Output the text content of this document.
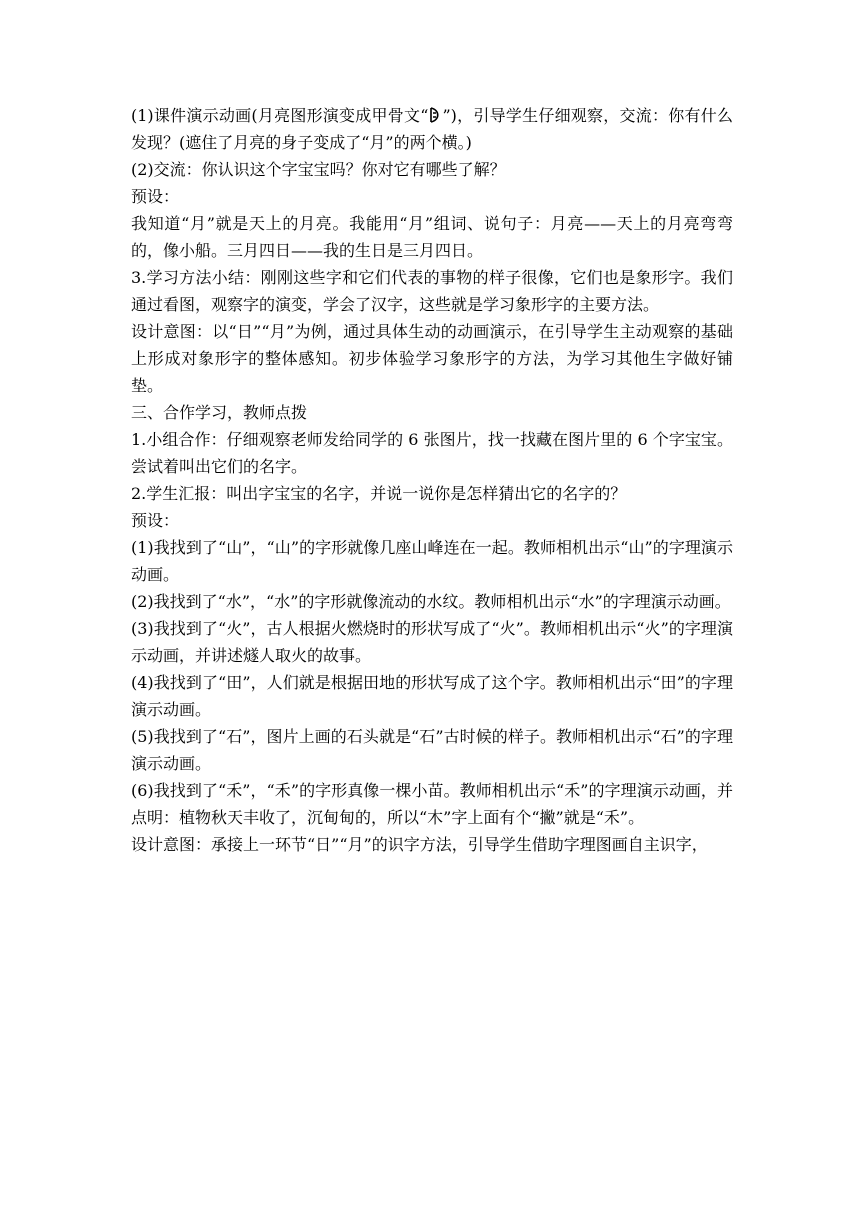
(1)课件演示动画(月亮图形演变成甲骨文“ ”)，引导学生仔细观察，交流：你有什么发现？(遮住了月亮的身子变成了“月”的两个横。)

(2)交流：你认识这个字宝宝吗？你对它有哪些了解？

预设：

我知道“月”就是天上的月亮。我能用“月”组词、说句子：月亮——天上的月亮弯弯的，像小船。三月四日——我的生日是三月四日。

3.学习方法小结：刚刚这些字和它们代表的事物的样子很像，它们也是象形字。我们通过看图，观察字的演变，学会了汉字，这些就是学习象形字的主要方法。

设计意图：以“日”“月”为例，通过具体生动的动画演示，在引导学生主动观察的基础上形成对象形字的整体感知。初步体验学习象形字的方法，为学习其他生字做好铺垫。

三、合作学习，教师点拨

1.小组合作：仔细观察老师发给同学的 6 张图片，找一找藏在图片里的 6 个字宝宝。尝试着叫出它们的名字。

2.学生汇报：叫出字宝宝的名字，并说一说你是怎样猜出它的名字的？

预设：

(1)我找到了“山”，“山”的字形就像几座山峰连在一起。教师相机出示“山”的字理演示动画。

(2)我找到了“水”，“水”的字形就像流动的水纹。教师相机出示“水”的字理演示动画。

(3)我找到了“火”，古人根据火燃烧时的形状写成了“火”。教师相机出示“火”的字理演示动画，并讲述燧人取火的故事。

(4)我找到了“田”，人们就是根据田地的形状写成了这个字。教师相机出示“田”的字理演示动画。

(5)我找到了“石”，图片上画的石头就是“石”古时候的样子。教师相机出示“石”的字理演示动画。

(6)我找到了“禾”，“禾”的字形真像一棵小苗。教师相机出示“禾”的字理演示动画，并点明：植物秋天丰收了，沉甸甸的，所以“木”字上面有个“撇”就是“禾”。

设计意图：承接上一环节“日”“月”的识字方法，引导学生借助字理图画自主识字，
